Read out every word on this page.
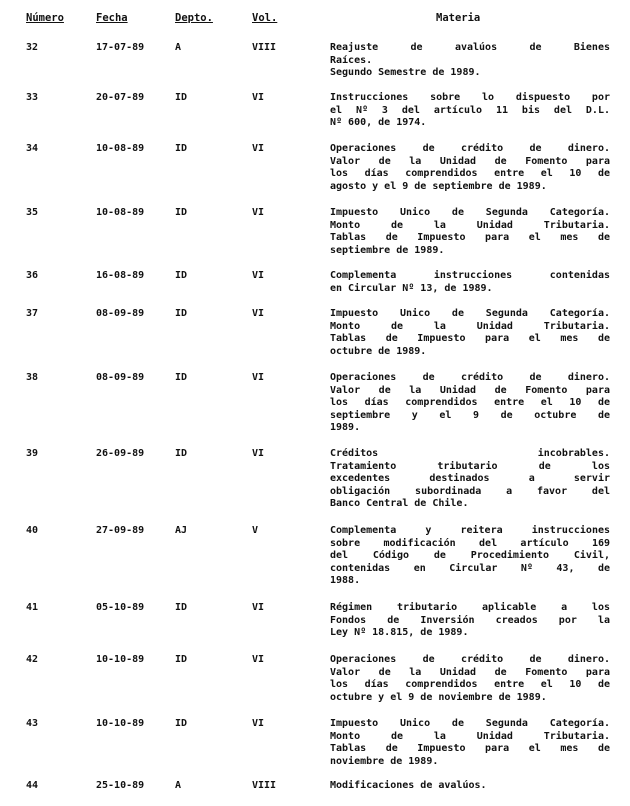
Número	Fecha	Depto.	Vol.	Materia
32	17-07-89	A	VIII	Reajuste de avalúos de Bienes
Raíces.
Segundo Semestre de 1989.
33	20-07-89	ID	VI	Instrucciones sobre lo dispuesto por
el Nº 3 del artículo 11 bis del D.L.
Nº 600, de 1974.
34	10-08-89	ID	VI	Operaciones de crédito de dinero.
Valor de la Unidad de Fomento para
los días comprendidos entre el 10 de
agosto y el 9 de septiembre de 1989.
35	10-08-89	ID	VI	Impuesto Unico de Segunda Categoría.
Monto de la Unidad Tributaria.
Tablas de Impuesto para el mes de
septiembre de 1989.
36	16-08-89	ID	VI	Complementa instrucciones contenidas
en Circular Nº 13, de 1989.
37	08-09-89	ID	VI	Impuesto Unico de Segunda Categoría.
Monto de la Unidad Tributaria.
Tablas de Impuesto para el mes de
octubre de 1989.
38	08-09-89	ID	VI	Operaciones de crédito de dinero.
Valor de la Unidad de Fomento para
los días comprendidos entre el 10 de
septiembre y el 9 de octubre de
1989.
39	26-09-89	ID	VI	Créditos incobrables.
Tratamiento tributario de los
excedentes destinados a servir
obligación subordinada a favor del
Banco Central de Chile.
40	27-09-89	AJ	V	Complementa y reitera instrucciones
sobre modificación del artículo 169
del Código de Procedimiento Civil,
contenidas en Circular Nº 43, de
1988.
41	05-10-89	ID	VI	Régimen tributario aplicable a los
Fondos de Inversión creados por la
Ley Nº 18.815, de 1989.
42	10-10-89	ID	VI	Operaciones de crédito de dinero.
Valor de la Unidad de Fomento para
los días comprendidos entre el 10 de
octubre y el 9 de noviembre de 1989.
43	10-10-89	ID	VI	Impuesto Unico de Segunda Categoría.
Monto de la Unidad Tributaria.
Tablas de Impuesto para el mes de
noviembre de 1989.
44	25-10-89	A	VIII	Modificaciones de avalúos.
